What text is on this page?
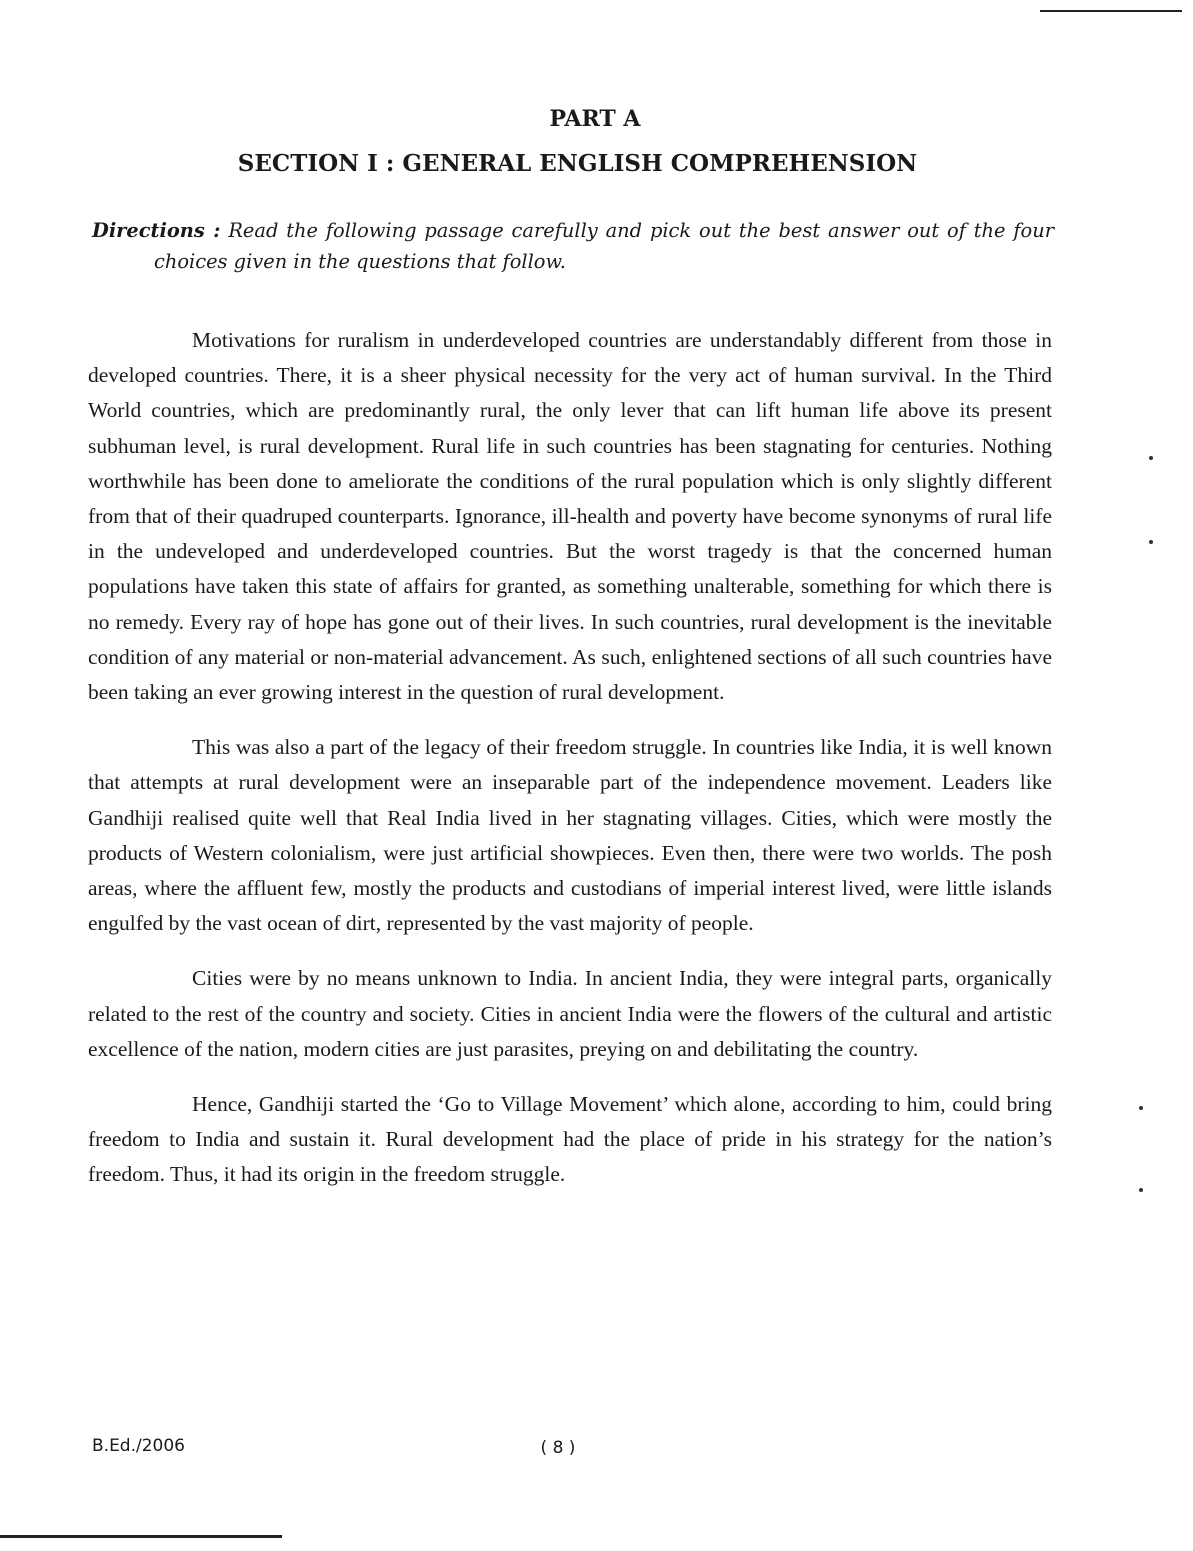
PART A
SECTION I : GENERAL ENGLISH COMPREHENSION
Directions : Read the following passage carefully and pick out the best answer out of the four choices given in the questions that follow.

Motivations for ruralism in underdeveloped countries are understandably different from those in developed countries. There, it is a sheer physical necessity for the very act of human survival. In the Third World countries, which are predominantly rural, the only lever that can lift human life above its present subhuman level, is rural development. Rural life in such countries has been stagnating for centuries. Nothing worthwhile has been done to ameliorate the conditions of the rural population which is only slightly different from that of their quadruped counterparts. Ignorance, ill-health and poverty have become synonyms of rural life in the undeveloped and underdeveloped countries. But the worst tragedy is that the concerned human populations have taken this state of affairs for granted, as something unalterable, something for which there is no remedy. Every ray of hope has gone out of their lives. In such countries, rural development is the inevitable condition of any material or non-material advancement. As such, enlightened sections of all such countries have been taking an ever growing interest in the question of rural development.

This was also a part of the legacy of their freedom struggle. In countries like India, it is well known that attempts at rural development were an inseparable part of the independence movement. Leaders like Gandhiji realised quite well that Real India lived in her stagnating villages. Cities, which were mostly the products of Western colonialism, were just artificial showpieces. Even then, there were two worlds. The posh areas, where the affluent few, mostly the products and custodians of imperial interest lived, were little islands engulfed by the vast ocean of dirt, represented by the vast majority of people.

Cities were by no means unknown to India. In ancient India, they were integral parts, organically related to the rest of the country and society. Cities in ancient India were the flowers of the cultural and artistic excellence of the nation, modern cities are just parasites, preying on and debilitating the country.

Hence, Gandhiji started the ‘Go to Village Movement’ which alone, according to him, could bring freedom to India and sustain it. Rural development had the place of pride in his strategy for the nation’s freedom. Thus, it had its origin in the freedom struggle.

B.Ed./2006	( 8 )
